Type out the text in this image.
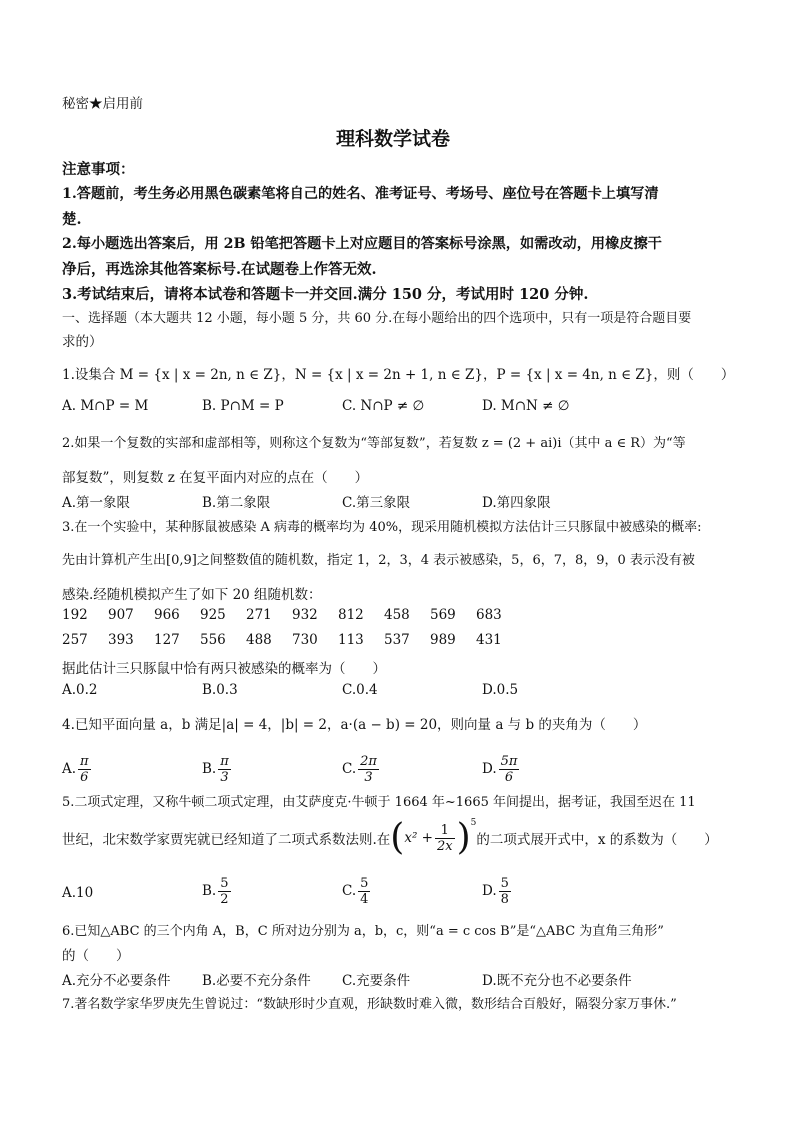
秘密★启用前
理科数学试卷
注意事项：
1.答题前，考生务必用黑色碳素笔将自己的姓名、准考证号、考场号、座位号在答题卡上填写清
楚.
2.每小题选出答案后，用 2B 铅笔把答题卡上对应题目的答案标号涂黑，如需改动，用橡皮擦干
净后，再选涂其他答案标号.在试题卷上作答无效.
3.考试结束后，请将本试卷和答题卡一并交回.满分 150 分，考试用时 120 分钟.
一、选择题（本大题共 12 小题，每小题 5 分，共 60 分.在每小题给出的四个选项中，只有一项是符合题目要
求的）
1.设集合 M = {x | x = 2n, n ∈ Z}，N = {x | x = 2n + 1, n ∈ Z}，P = {x | x = 4n, n ∈ Z}，则（　　）
A. M∩P = M	B. P∩M = P	C. N∩P ≠ ∅	D. M∩N ≠ ∅
2.如果一个复数的实部和虚部相等，则称这个复数为“等部复数”，若复数 z = (2 + ai)i（其中 a ∈ R）为“等
部复数”，则复数 z 在复平面内对应的点在（　　）
A.第一象限	B.第二象限	C.第三象限	D.第四象限
3.在一个实验中，某种豚鼠被感染 A 病毒的概率均为 40%，现采用随机模拟方法估计三只豚鼠中被感染的概率:
先由计算机产生出[0,9]之间整数值的随机数，指定 1，2，3，4 表示被感染，5，6，7，8，9，0 表示没有被
感染.经随机模拟产生了如下 20 组随机数：
192 907 966 925 271 932 812 458 569 683
257 393 127 556 488 730 113 537 989 431
据此估计三只豚鼠中恰有两只被感染的概率为（　　）
A.0.2	B.0.3	C.0.4	D.0.5
4.已知平面向量 a，b 满足|a| = 4，|b| = 2，a·(a − b) = 20，则向量 a 与 b 的夹角为（　　）
A. $\frac{\pi}{6}$	B. $\frac{\pi}{3}$	C. $\frac{2\pi}{3}$	D. $\frac{5\pi}{6}$
5.二项式定理，又称牛顿二项式定理，由艾萨度克·牛顿于 1664 年~1665 年间提出，据考证，我国至迟在 11
世纪，北宋数学家贾宪就已经知道了二项式系数法则.在$(x^2 + \frac{1}{2x} )^5$的二项式展开式中，x 的系数为（　　）
A.10	B. $\frac{5}{2}$	C. $\frac{5}{4}$	D. $\frac{5}{8}$
6.已知△ABC 的三个内角 A，B，C 所对边分别为 a，b，c，则“a = c cos B”是“△ABC 为直角三角形”
的（　　）
A.充分不必要条件 B.必要不充分条件 C.充要条件	D.既不充分也不必要条件
7.著名数学家华罗庚先生曾说过：“数缺形时少直观，形缺数时难入微，数形结合百般好，隔裂分家万事休.”
